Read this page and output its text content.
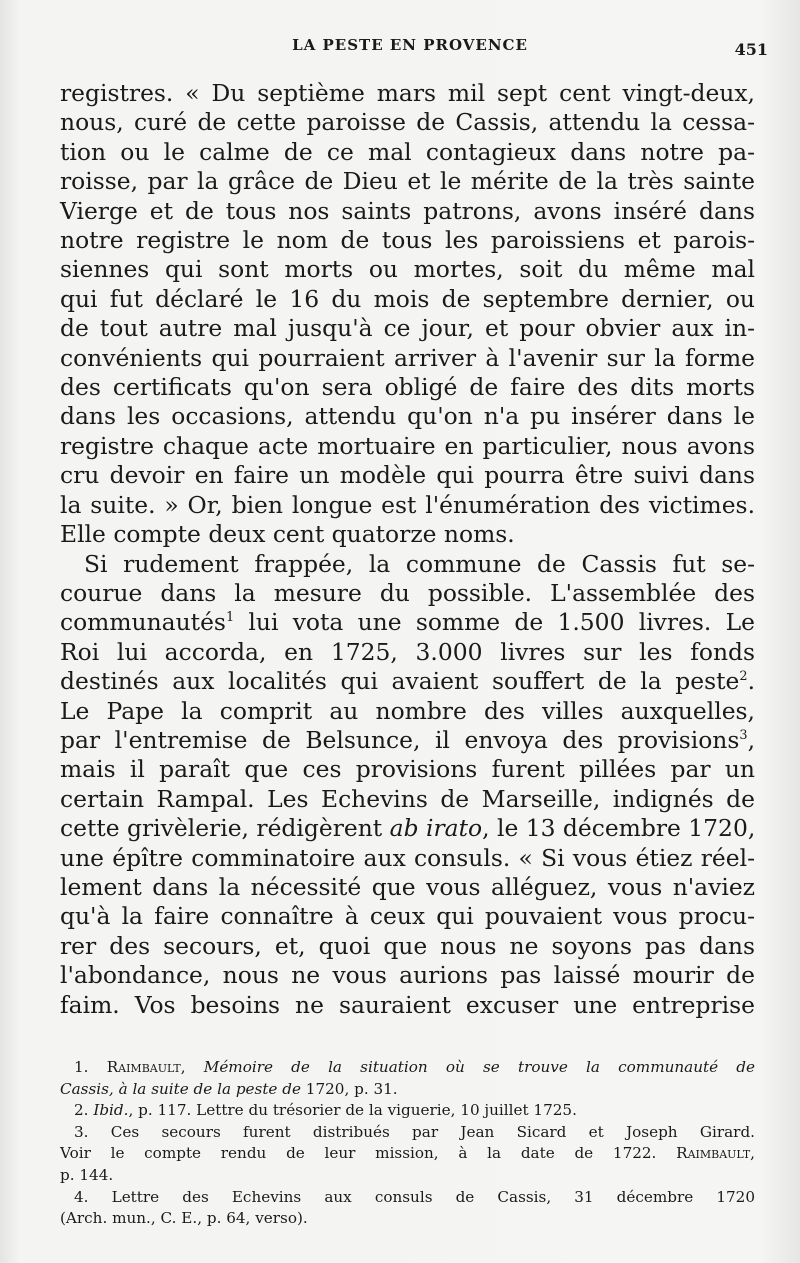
LA PESTE EN PROVENCE	451
registres. « Du septième mars mil sept cent vingt-deux,
nous, curé de cette paroisse de Cassis, attendu la cessa-
tion ou le calme de ce mal contagieux dans notre pa-
roisse, par la grâce de Dieu et le mérite de la très sainte
Vierge et de tous nos saints patrons, avons inséré dans
notre registre le nom de tous les paroissiens et parois-
siennes qui sont morts ou mortes, soit du même mal
qui fut déclaré le 16 du mois de septembre dernier, ou
de tout autre mal jusqu'à ce jour, et pour obvier aux in-
convénients qui pourraient arriver à l'avenir sur la forme
des certificats qu'on sera obligé de faire des dits morts
dans les occasions, attendu qu'on n'a pu insérer dans le
registre chaque acte mortuaire en particulier, nous avons
cru devoir en faire un modèle qui pourra être suivi dans
la suite. » Or, bien longue est l'énumération des victimes.
Elle compte deux cent quatorze noms.
Si rudement frappée, la commune de Cassis fut se-
courue dans la mesure du possible. L'assemblée des
communautés$^1$ lui vota une somme de 1.500 livres. Le
Roi lui accorda, en 1725, 3.000 livres sur les fonds
destinés aux localités qui avaient souffert de la peste$^2$.
Le Pape la comprit au nombre des villes auxquelles,
par l'entremise de Belsunce, il envoya des provisions$^3$,
mais il paraît que ces provisions furent pillées par un
certain Rampal. Les Echevins de Marseille, indignés de
cette grivèlerie, rédigèrent ab irato, le 13 décembre 1720,
une épître comminatoire aux consuls. « Si vous étiez réel-
lement dans la nécessité que vous alléguez, vous n'aviez
qu'à la faire connaître à ceux qui pouvaient vous procu-
rer des secours, et, quoi que nous ne soyons pas dans
l'abondance, nous ne vous aurions pas laissé mourir de
faim. Vos besoins ne sauraient excuser une entreprise
1. Raimbault, Mémoire de la situation où se trouve la communauté de
Cassis, à la suite de la peste de 1720, p. 31.
2. Ibid., p. 117. Lettre du trésorier de la viguerie, 10 juillet 1725.
3. Ces secours furent distribués par Jean Sicard et Joseph Girard.
Voir le compte rendu de leur mission, à la date de 1722. Raimbault,
p. 144.
4. Lettre des Echevins aux consuls de Cassis, 31 décembre 1720
(Arch. mun., C. E., p. 64, verso).
